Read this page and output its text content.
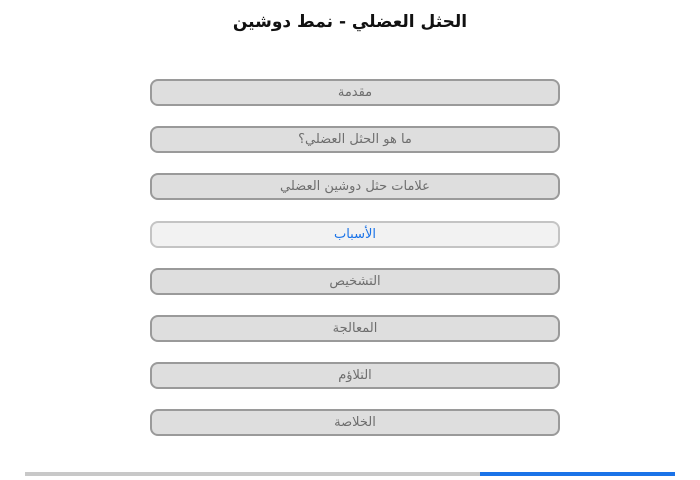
الحثل العضلي - نمط دوشين
مقدمة
ما هو الحثل العضلي؟
علامات حثل دوشين العضلي
الأسباب
التشخيص
المعالجة
التلاؤم
الخلاصة
